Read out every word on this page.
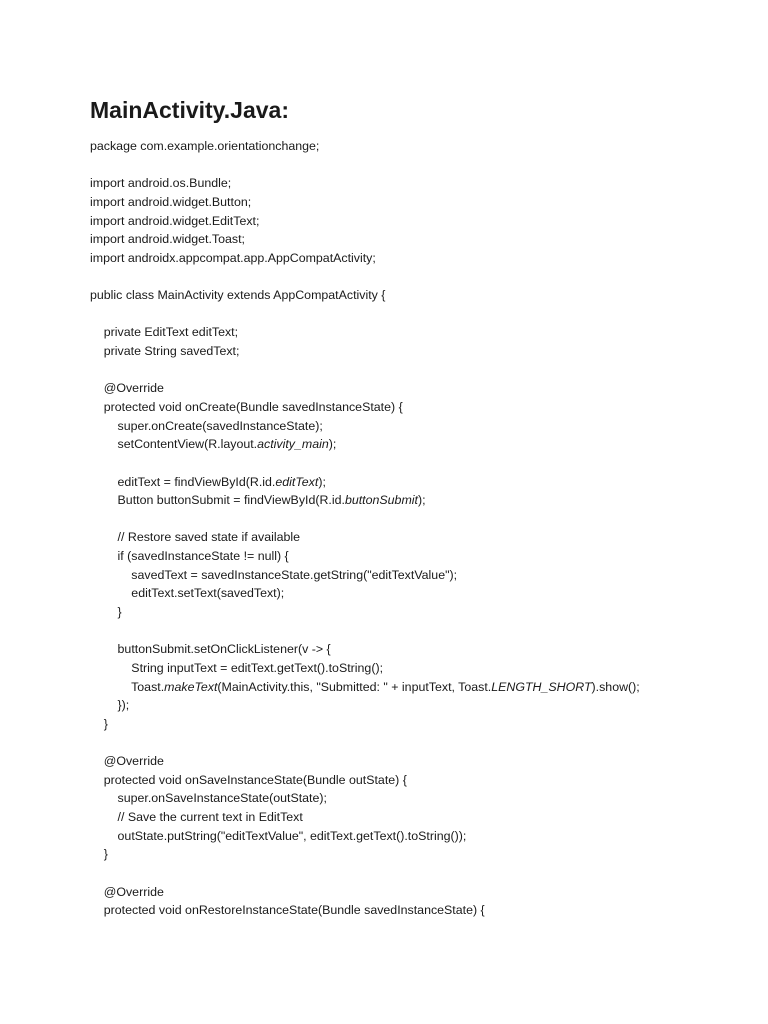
MainActivity.Java:
package com.example.orientationchange;

import android.os.Bundle;
import android.widget.Button;
import android.widget.EditText;
import android.widget.Toast;
import androidx.appcompat.app.AppCompatActivity;

public class MainActivity extends AppCompatActivity {

private EditText editText;
private String savedText;

@Override
protected void onCreate(Bundle savedInstanceState) {
super.onCreate(savedInstanceState);
setContentView(R.layout.activity_main);

editText = findViewById(R.id.editText);
Button buttonSubmit = findViewById(R.id.buttonSubmit);

// Restore saved state if available
if (savedInstanceState != null) {
savedText = savedInstanceState.getString("editTextValue");
editText.setText(savedText);
}

buttonSubmit.setOnClickListener(v -> {
String inputText = editText.getText().toString();
Toast.makeText(MainActivity.this, "Submitted: " + inputText, Toast.LENGTH_SHORT).show();
});
}

@Override
protected void onSaveInstanceState(Bundle outState) {
super.onSaveInstanceState(outState);
// Save the current text in EditText
outState.putString("editTextValue", editText.getText().toString());
}

@Override
protected void onRestoreInstanceState(Bundle savedInstanceState) {
